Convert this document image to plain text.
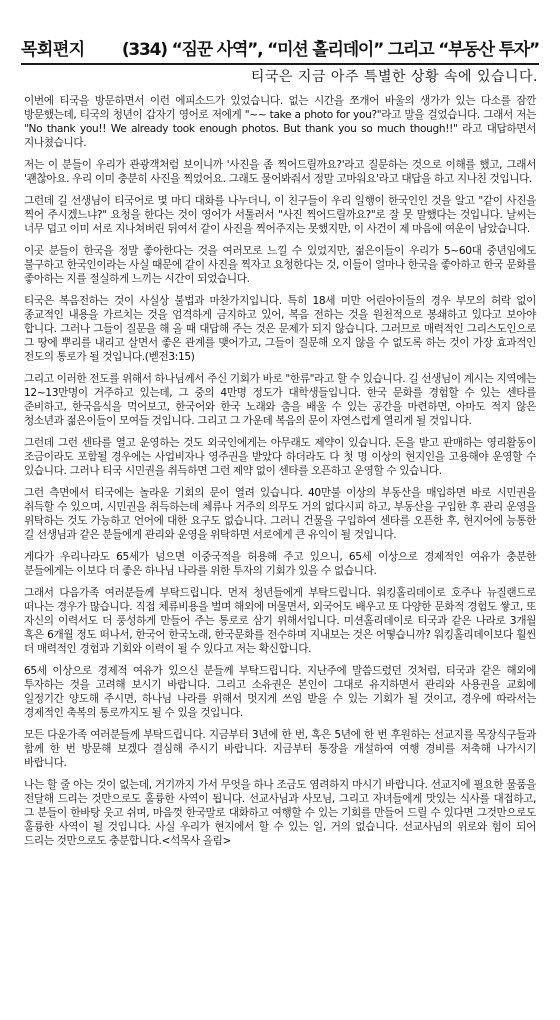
목회편지 (334) “짐꾼 사역”, “미션 홀리데이” 그리고 “부동산 투자”
티국은 지금 아주 특별한 상황 속에 있습니다.

이번에 티국을 방문하면서 이런 에피소드가 있었습니다. 없는 시간을 쪼개어 바울의 생가가 있는 다소를 잠깐 방문했는데, 티국의 청년이 갑자기 영어로 저에게 "~~ take a photo for you?"라고 말을 걸었습니다. 그래서 저는 "No thank you!! We already took enough photos. But thank you so much though!!" 라고 대답하면서 지나쳤습니다.

저는 이 분들이 우리가 관광객처럼 보이니까 '사진을 좀 찍어드릴까요?'라고 질문하는 것으로 이해를 했고, 그래서 '괜찮아요. 우리 이미 충분히 사진을 찍었어요. 그래도 물어봐줘서 정말 고마워요'라고 대답을 하고 지나친 것입니다.

그런데 길 선생님이 티국어로 몇 마디 대화를 나누더니, 이 친구들이 우리 일행이 한국인인 것을 알고 "같이 사진을 찍어 주시겠느냐?" 요청을 한다는 것이 영어가 서툴러서 "사진 찍어드릴까요?"로 잘 못 말했다는 것입니다. 날씨는 너무 덥고 이미 서로 지나쳐버린 뒤여서 같이 사진을 찍어주지는 못했지만, 이 사건이 제 마음에 여운이 남았습니다.

이곳 분들이 한국을 정말 좋아한다는 것을 여러모로 느낄 수 있었지만, 젊은이들이 우리가 5~60대 중년임에도 불구하고 한국인이라는 사실 때문에 같이 사진을 찍자고 요청한다는 것, 이들이 얼마나 한국을 좋아하고 한국 문화를 좋아하는 지를 절실하게 느끼는 시간이 되었습니다.

티국은 복음전하는 것이 사실상 불법과 마찬가지입니다. 특히 18세 미만 어린아이들의 경우 부모의 허락 없이 종교적인 내용을 가르치는 것을 엄격하게 금지하고 있어, 복음 전하는 것을 원천적으로 봉쇄하고 있다고 보아야 합니다. 그러나 그들이 질문을 해 올 때 대답해 주는 것은 문제가 되지 않습니다. 그러므로 매력적인 그리스도인으로 그 땅에 뿌리를 내리고 살면서 좋은 관계를 맺어가고, 그들이 질문해 오지 않을 수 없도록 하는 것이 가장 효과적인 전도의 통로가 될 것입니다.(벧전3:15)

그리고 이러한 전도를 위해서 하나님께서 주신 기회가 바로 "한류"라고 할 수 있습니다. 길 선생님이 계시는 지역에는 12~13만명이 거주하고 있는데, 그 중의 4만명 정도가 대학생들입니다. 한국 문화를 경험할 수 있는 센타를 준비하고, 한국음식을 먹어보고, 한국어와 한국 노래와 춤을 배울 수 있는 공간을 마련하면, 아마도 적지 않은 청소년과 젊은이들이 모여들 것입니다. 그리고 그 가운데 복음의 문이 자연스럽게 열리게 될 것입니다.

그런데 그런 센타를 열고 운영하는 것도 외국인에게는 아무래도 제약이 있습니다. 돈을 받고 판매하는 영리활동이 조금이라도 포함될 경우에는 사업비자나 영주권을 받았다 하더라도 다 첫 명 이상의 현지인을 고용해야 운영할 수 있습니다. 그러나 티국 시민권을 취득하면 그런 제약 없이 센타를 오픈하고 운영할 수 있습니다.

그런 측면에서 티국에는 놀라운 기회의 문이 열려 있습니다. 40만불 이상의 부동산을 매입하면 바로 시민권을 취득할 수 있으며, 시민권을 취득하는데 체류나 거주의 의무도 거의 없다시피 하고, 부동산을 구입한 후 관리 운영을 위탁하는 것도 가능하고 언어에 대한 요구도 없습니다. 그러니 건물을 구입하여 센타를 오픈한 후, 현지어에 능통한 길 선생님과 같은 분들에게 관리와 운영을 위탁하면 서로에게 큰 유익이 될 것입니다.

게다가 우리나라도 65세가 넘으면 이중국적을 허용해 주고 있으니, 65세 이상으로 경제적인 여유가 충분한 분들에게는 이보다 더 좋은 하나님 나라를 위한 투자의 기회가 있을 수 없습니다.

그래서 다음가족 여러분들께 부탁드립니다. 먼저 청년들에게 부탁드립니다. 워킹홀리데이로 호주나 뉴질랜드로 떠나는 경우가 많습니다. 직접 체류비용을 벌며 해외에 머물면서, 외국어도 배우고 또 다양한 문화적 경험도 쌓고, 또 자신의 이력서도 더 풍성하게 만들어 주는 통로로 삼기 위해서입니다. 미션홀리데이로 티국과 같은 나라로 3개월 혹은 6개월 정도 떠나서, 한국어 한국노래, 한국문화를 전수하며 지내보는 것은 어떻습니까? 워킹홀리데이보다 훨씬 더 매력적인 경험과 기회와 이력이 될 수 있다고 저는 확신합니다.

65세 이상으로 경제적 여유가 있으신 분들께 부탁드립니다. 지난주에 말씀드렸던 것처럼, 티국과 같은 해외에 투자하는 것을 고려해 보시기 바랍니다. 그리고 소유권은 본인이 그대로 유지하면서 관리와 사용권을 교회에 일정기간 양도해 주시면, 하나님 나라를 위해서 멋지게 쓰임 받을 수 있는 기회가 될 것이고, 경우에 따라서는 경제적인 축복의 통로까지도 될 수 있을 것입니다.

모든 다운가족 여러분들께 부탁드립니다. 지금부터 3년에 한 번, 혹은 5년에 한 번 후원하는 선교지를 목장식구들과 함께 한 번 방문해 보겠다 결심해 주시기 바랍니다. 지금부터 통장을 개설하여 여행 경비를 저축해 나가시기 바랍니다.

나는 할 줄 아는 것이 없는데, 거기까지 가서 무엇을 하나 조금도 염려하지 마시기 바랍니다. 선교지에 필요한 물품을 전달해 드리는 것만으로도 훌륭한 사역이 됩니다. 선교사님과 사모님, 그리고 자녀들에게 맛있는 식사를 대접하고, 그 분들이 한바탕 웃고 쉬며, 마음껏 한국말로 대화하고 여행할 수 있는 기회를 만들어 드릴 수 있다면 그것만으로도 훌륭한 사역이 될 것입니다. 사실 우리가 현지에서 할 수 있는 일, 거의 없습니다. 선교사님의 위로와 힘이 되어 드리는 것만으로도 충분합니다.<석목사 올림>
